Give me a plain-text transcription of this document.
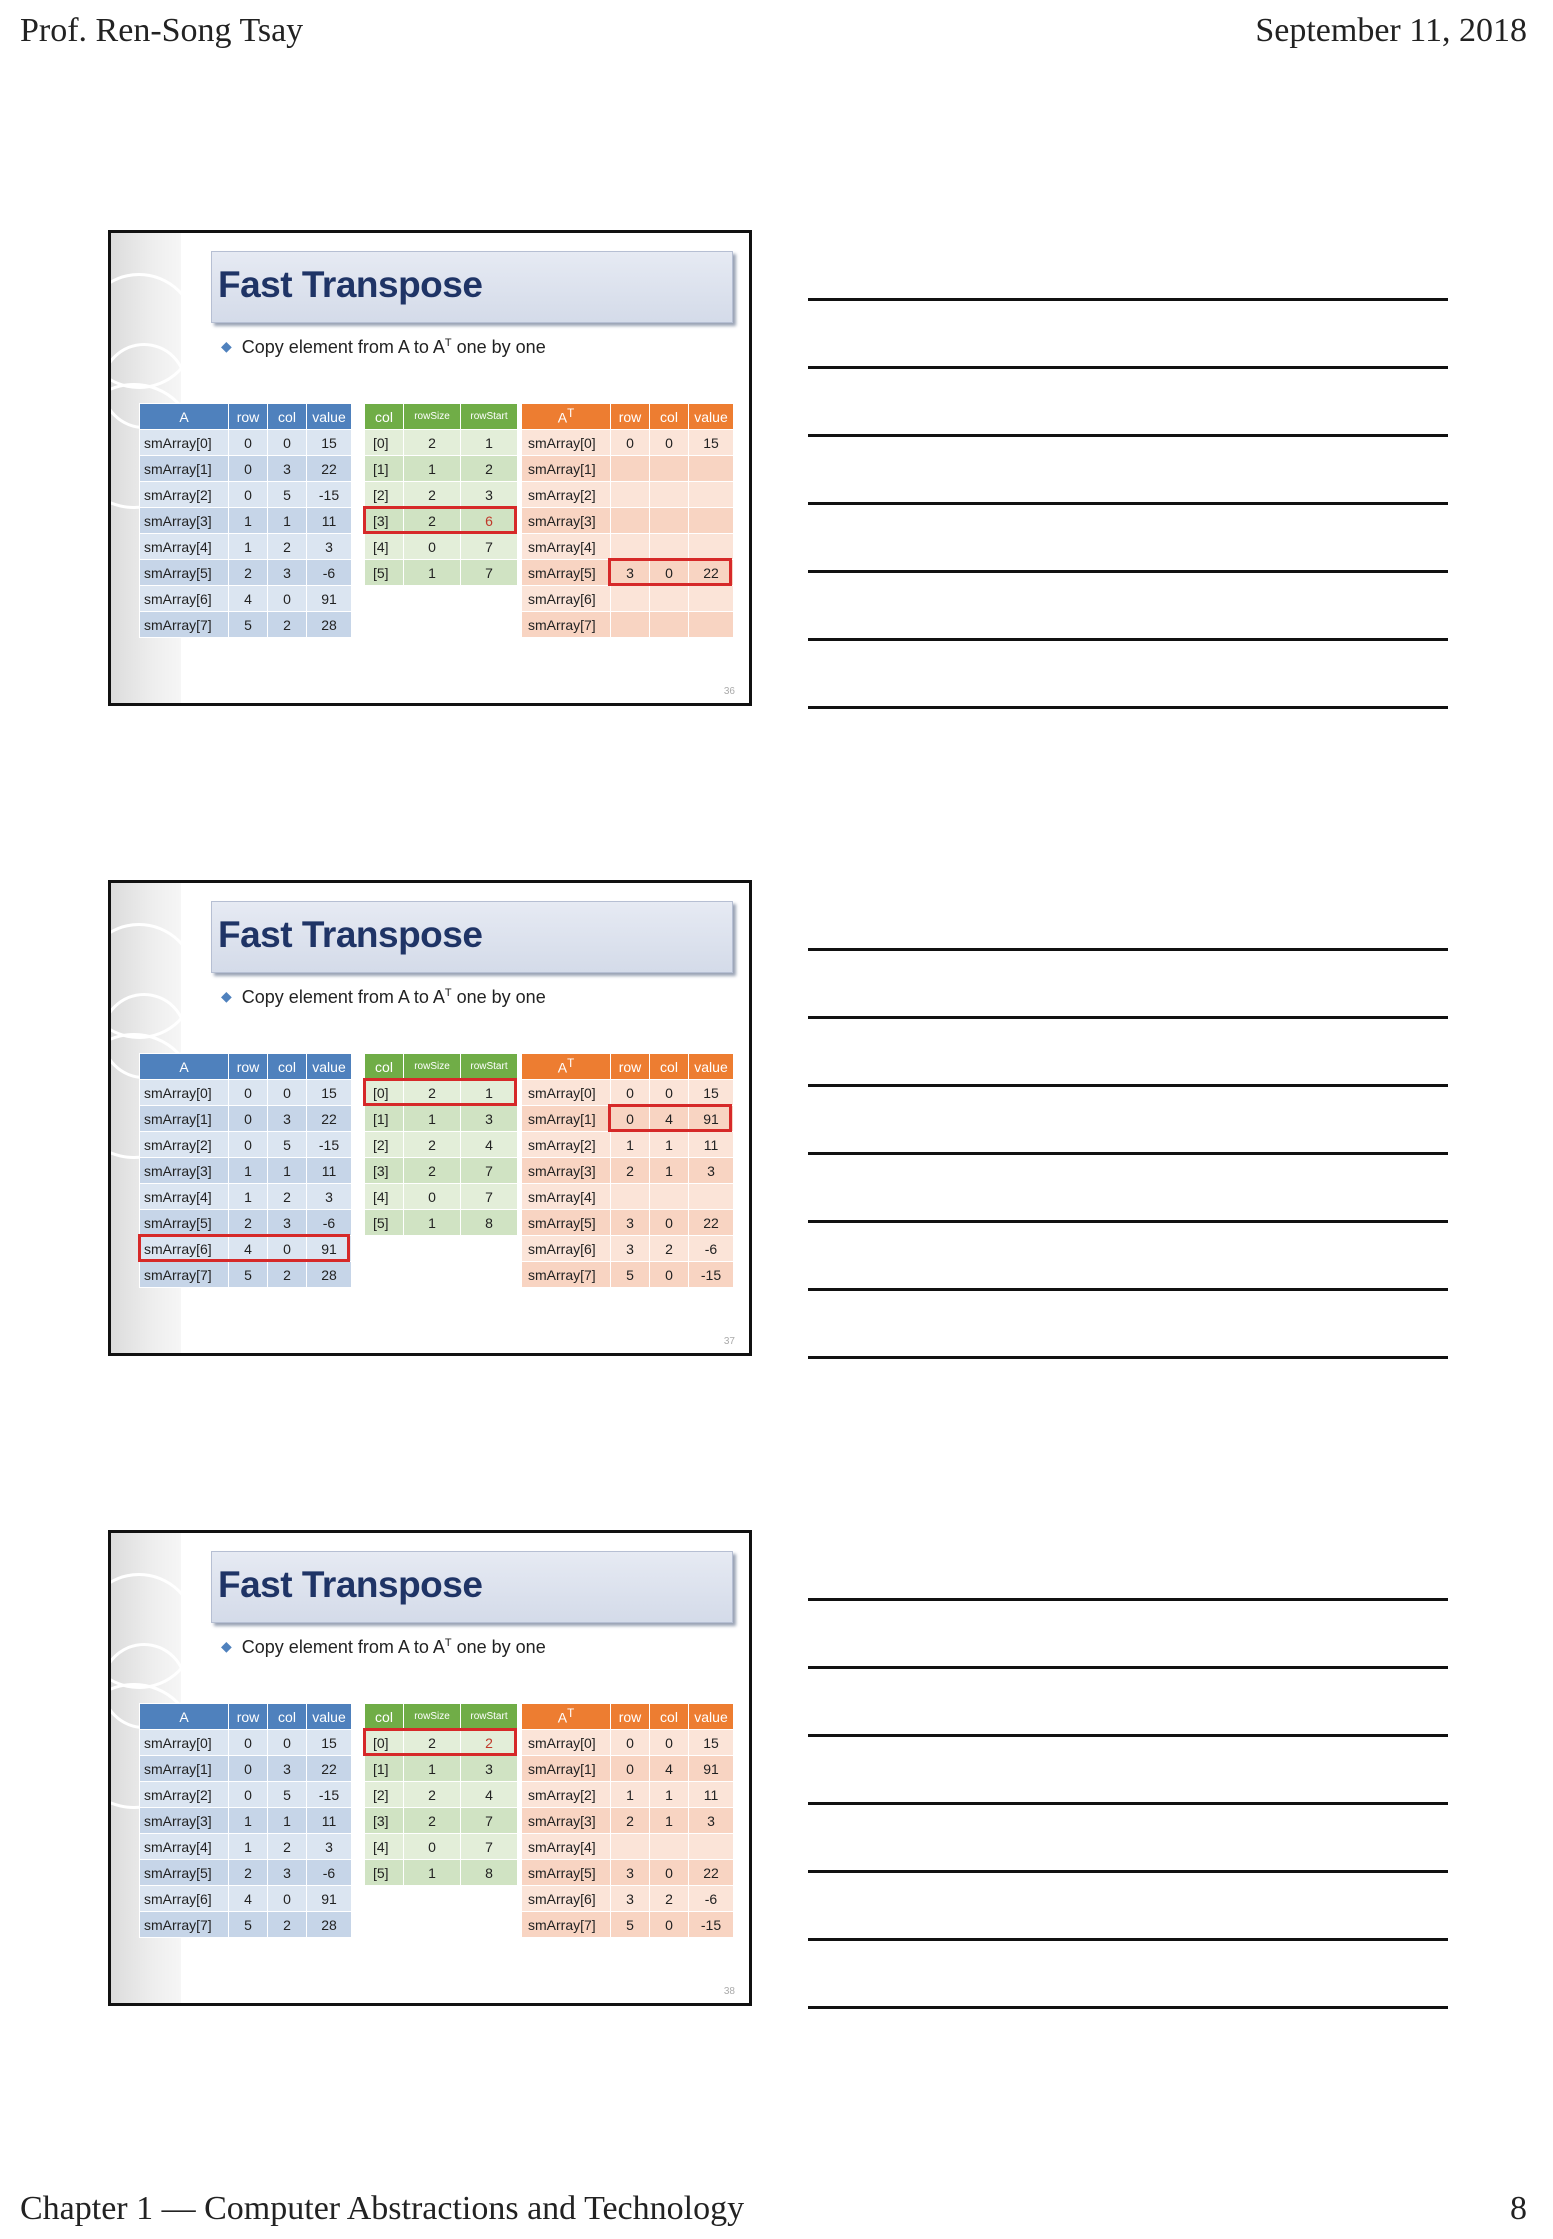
Prof. Ren-Song Tsay	September 11, 2018
Fast Transpose
◆ Copy element from A to $A^T$ one by one
A	row	col	value
smArray[0]	0	0	15
smArray[1]	0	3	22
smArray[2]	0	5	-15
smArray[3]	1	1	11
smArray[4]	1	2	3
smArray[5]	2	3	-6
smArray[6]	4	0	91
smArray[7]	5	2	28
col	rowSize	rowStart
[0]	2	1
[1]	1	2
[2]	2	3
[3]	2	6
[4]	0	7
[5]	1	7
$A^T$	row	col	value
smArray[0]	0	0	15
smArray[1]			
smArray[2]			
smArray[3]			
smArray[4]			
smArray[5]	3	0	22
smArray[6]			
smArray[7]			
36
Fast Transpose
◆ Copy element from A to $A^T$ one by one
A	row	col	value
smArray[0]	0	0	15
smArray[1]	0	3	22
smArray[2]	0	5	-15
smArray[3]	1	1	11
smArray[4]	1	2	3
smArray[5]	2	3	-6
smArray[6]	4	0	91
smArray[7]	5	2	28
col	rowSize	rowStart
[0]	2	1
[1]	1	3
[2]	2	4
[3]	2	7
[4]	0	7
[5]	1	8
$A^T$	row	col	value
smArray[0]	0	0	15
smArray[1]	0	4	91
smArray[2]	1	1	11
smArray[3]	2	1	3
smArray[4]			
smArray[5]	3	0	22
smArray[6]	3	2	-6
smArray[7]	5	0	-15
37
Fast Transpose
◆ Copy element from A to $A^T$ one by one
A	row	col	value
smArray[0]	0	0	15
smArray[1]	0	3	22
smArray[2]	0	5	-15
smArray[3]	1	1	11
smArray[4]	1	2	3
smArray[5]	2	3	-6
smArray[6]	4	0	91
smArray[7]	5	2	28
col	rowSize	rowStart
[0]	2	2
[1]	1	3
[2]	2	4
[3]	2	7
[4]	0	7
[5]	1	8
$A^T$	row	col	value
smArray[0]	0	0	15
smArray[1]	0	4	91
smArray[2]	1	1	11
smArray[3]	2	1	3
smArray[4]			
smArray[5]	3	0	22
smArray[6]	3	2	-6
smArray[7]	5	0	-15
38
Chapter 1 — Computer Abstractions and Technology	8
